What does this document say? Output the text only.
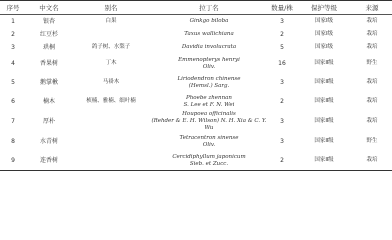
序号	中文名	别名	拉丁名	数量/株	保护等级	来源
1	银杏	白果	Ginkgo biloba	3	国家Ⅰ级	栽培
2	红豆杉		Taxus wallichiana	2	国家Ⅰ级	栽培
3	珙桐	鸽子树、水梨子	Davidia involucrata	5	国家Ⅰ级	栽培
4	香果树	丁木	Emmenopterys henryi
Oliv.	16	国家Ⅱ级	野生
5	鹅掌楸	马褂木	Liriodendron chinense
(Hemsl.) Sarg.	3	国家Ⅱ级	栽培
6	楠木	桢楠、雅楠、细叶楠	Phoebe zhennan
S. Lee et F. N. Wei	2	国家Ⅱ级	栽培
7	厚朴		Houpoea officinalis
(Rehder & E. H. Wilson) N. H. Xia & C. Y. Wu	3	国家Ⅱ级	栽培
8	水青树		Tetracentron sinense
Oliv.	3	国家Ⅱ级	野生
9	连香树		Cercidiphyllum japonicum
Sieb. et Zucc.	2	国家Ⅱ级	栽培
